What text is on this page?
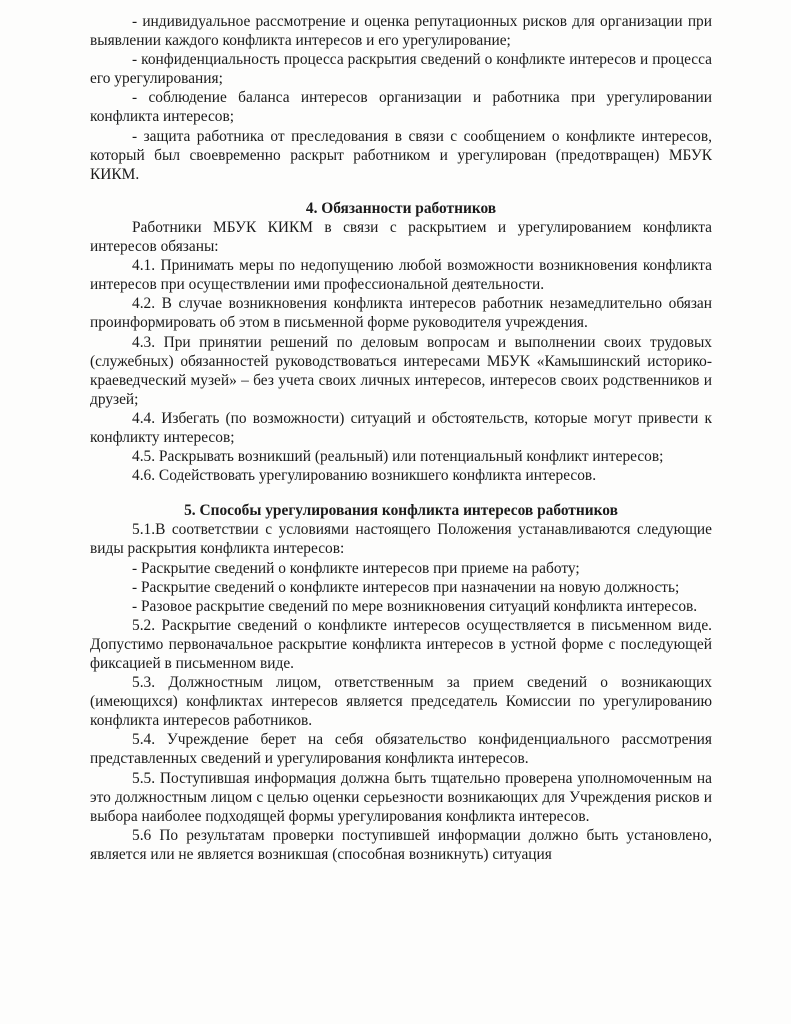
- индивидуальное рассмотрение и оценка репутационных рисков для организации при выявлении каждого конфликта интересов и его урегулирование;

- конфиденциальность процесса раскрытия сведений о конфликте интересов и процесса его урегулирования;

- соблюдение баланса интересов организации и работника при урегулировании конфликта интересов;

- защита работника от преследования в связи с сообщением о конфликте интересов, который был своевременно раскрыт работником и урегулирован (предотвращен) МБУК КИКМ.

4. Обязанности работников

Работники МБУК КИКМ в связи с раскрытием и урегулированием конфликта интересов обязаны:

4.1. Принимать меры по недопущению любой возможности возникновения конфликта интересов при осуществлении ими профессиональной деятельности.

4.2. В случае возникновения конфликта интересов работник незамедлительно обязан проинформировать об этом в письменной форме руководителя учреждения.

4.3. При принятии решений по деловым вопросам и выполнении своих трудовых (служебных) обязанностей руководствоваться интересами МБУК «Камышинский историко-краеведческий музей» – без учета своих личных интересов, интересов своих родственников и друзей;

4.4. Избегать (по возможности) ситуаций и обстоятельств, которые могут привести к конфликту интересов;

4.5. Раскрывать возникший (реальный) или потенциальный конфликт интересов;

4.6. Содействовать урегулированию возникшего конфликта интересов.

5. Способы урегулирования конфликта интересов работников

5.1.В соответствии с условиями настоящего Положения устанавливаются следующие виды раскрытия конфликта интересов:

- Раскрытие сведений о конфликте интересов при приеме на работу;

- Раскрытие сведений о конфликте интересов при назначении на новую должность;

- Разовое раскрытие сведений по мере возникновения ситуаций конфликта интересов.

5.2. Раскрытие сведений о конфликте интересов осуществляется в письменном виде. Допустимо первоначальное раскрытие конфликта интересов в устной форме с последующей фиксацией в письменном виде.

5.3. Должностным лицом, ответственным за прием сведений о возникающих (имеющихся) конфликтах интересов является председатель Комиссии по урегулированию конфликта интересов работников.

5.4. Учреждение берет на себя обязательство конфиденциального рассмотрения представленных сведений и урегулирования конфликта интересов.

5.5. Поступившая информация должна быть тщательно проверена уполномоченным на это должностным лицом с целью оценки серьезности возникающих для Учреждения рисков и выбора наиболее подходящей формы урегулирования конфликта интересов.

5.6 По результатам проверки поступившей информации должно быть установлено, является или не является возникшая (способная возникнуть) ситуация
